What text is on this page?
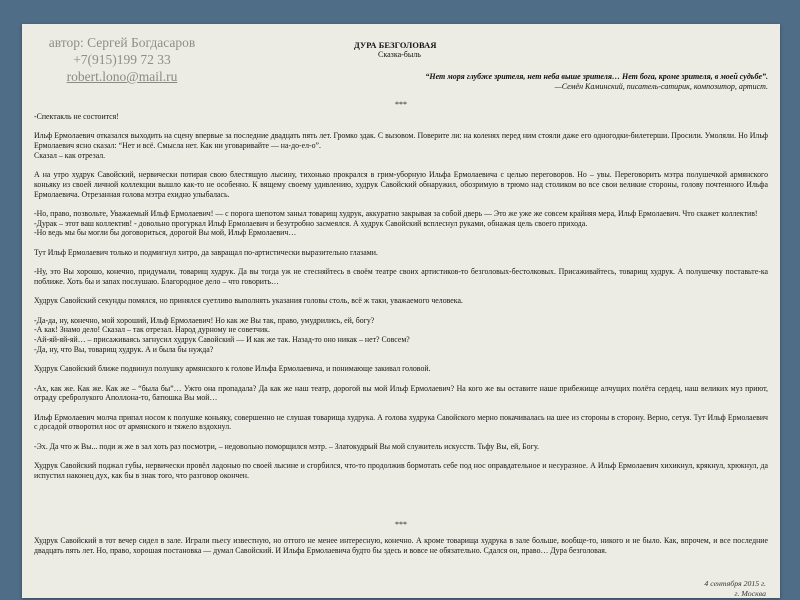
автор: Сергей Богдасаров
+7(915)199 72 33
robert.lono@mail.ru
ДУРА БЕЗГОЛОВАЯ
Сказка-быль
“Нет моря глубже зрителя, нет неба выше зрителя… Нет бога, кроме зрителя, в моей судьбе”.
—Семён Каминский, писатель-сатирик, композитор, артист.
***

-Спектакль не состоится!

Ильф Ермолаевич отказался выходить на сцену впервые за последние двадцать пять лет. Громко здак. С вызовом. Поверите ли: на коленях перед ним стояли даже его одногодки-билетерши. Просили. Умоляли. Но Ильф Ермолаевич ясно сказал: “Нет и всё. Смысла нет. Как ни уговаривайте — на-до-ел-о”.
Сказал – как отрезал.

А на утро худрук Савойский, нервически потирая свою блестящую лысину, тихонько прокрался в грим-уборную Ильфа Ермолаевича с целью переговоров. Но – увы. Переговорить мэтра полушечкой армянского коньяку из своей личной коллекции вышло как-то не особенно. К вящему своему удивлению, худрук Савойский обнаружил, обозримую в трюмо над столиком во все свои великие стороны, голову почтенного Ильфа Ермолаевича. Отрезанная голова мэтра ехидно улыбалась.

-Но, право, позвольте, Уважаемый Ильф Ермолаевич! — с порога шепотом заныл товарищ худрук, аккуратно закрывая за собой дверь — Это же уже же совсем крайняя мера, Ильф Ермолаевич. Что скажет коллектив!
-Дурак – этот ваш коллектив! - довольно прогуркал Ильф Ермолаевич и безутробно засмеялся. А худрук Савойский всплеснул руками, обнажая цель своего прихода.
-Но ведь мы бы могли бы договориться, дорогой Вы мой, Ильф Ермолаевич…

Тут Ильф Ермолаевич только и подмигнул хитро, да завращал по-артистически выразительно глазами.

-Ну, это Вы хорошо, конечно, придумали, товарищ худрук. Да вы тогда уж не стесняйтесь в своём театре своих артистиков-то безголовых-бестолковых. Присаживайтесь, товарищ худрук. А полушечку поставьте-ка поближе. Хоть бы и запах послушаю. Благородное дело – что говорить…

Худрук Савойский секунды помялся, но принялся суетливо выполнять указания головы столь, всё ж таки, уважаемого человека.

-Да-да, ну, конечно, мой хороший, Ильф Ермолаевич! Но как же Вы так, право, умудрились, ей, богу?
-А как! Знамо дело! Сказал – так отрезал. Народ дурному не советчик.
-Ай-яй-яй-яй… – присаживаясь загнусил худрук Савойский — И как же так. Назад-то оно никак – нет? Совсем?
-Да, ну, что Вы, товарищ худрук. А и была бы нужда?

Худрук Савойский ближе подвинул полушку армянского к голове Ильфа Ермолаевича, и понимающе закивал головой.

-Ах, как же. Как же. Как же – “была бы”… Ужто она пропадала? Да как же наш театр, дорогой вы мой Ильф Ермолаевич? На кого же вы оставите наше прибежище алчущих полёта сердец, наш великих муз приют, отраду сребролукого Аполлона-то, батюшка Вы мой…

Ильф Ермолаевич молча припал носом к полушке коньяку, совершенно не слушая товарища худрука. А голова худрука Савойского мерно покачивалась на шее из стороны в сторону. Верно, сетуя. Тут Ильф Ермолаевич с досадой отворотил нос от армянского и тяжело вздохнул.

-Эх. Да что ж Вы... поди ж же в зал хоть раз посмотри, – недовольно поморщился мэтр. – Златокудрый Вы мой служитель искусств. Тьфу Вы, ей, Богу.

Худрук Савойский поджал губы, нервически провёл ладонью по своей лысине и сгорбился, что-то продолжив бормотать себе под нос оправдательное и несуразное. А Ильф Ермолаевич хихикнул, крякнул, хрюкнул, да испустил наконец дух, как бы в знак того, что разговор окончен.

***

Худрук Савойский в тот вечер сидел в зале. Играли пьесу известную, но оттого не менее интересную, конечно. А кроме товарища худрука в зале больше, вообще-то, никого и не было. Как, впрочем, и все последние двадцать пять лет. Но, право, хорошая постановка — думал Савойский. И Ильфа Ермолаевича будто бы здесь и вовсе не обязательно. Сдался он, право… Дура безголовая.

4 сентября 2015 г.
г. Москва
